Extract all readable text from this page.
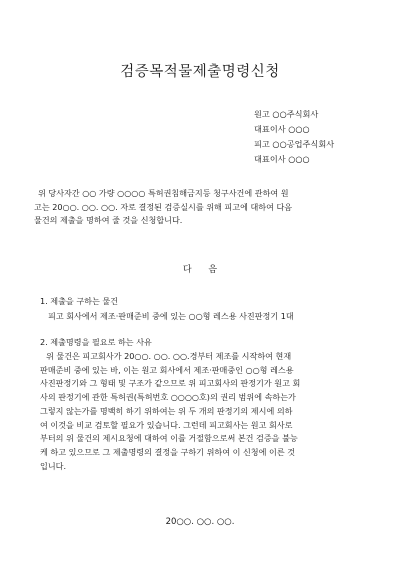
검증목적물제출명령신청
원고 ○○주식회사
대표이사 ○○○
피고 ○○공업주식회사
대표이사 ○○○
위 당사자간 ○○ 가량 ○○○○ 특허권침해금지등 청구사건에 관하여 원
고는 20○○. ○○. ○○. 자로 결정된 검증실시를 위해 피고에 대하여 다음
물건의 제출을 명하여 줄 것을 신청합니다.
다 음
1. 제출을 구하는 물건
피고 회사에서 제조·판매준비 중에 있는 ○○형 레스용 사진판정기 1대
2. 제출명령을 필요로 하는 사유
위 물건은 피고회사가 20○○. ○○. ○○.경부터 제조를 시작하여 현재
판매준비 중에 있는 바, 이는 원고 회사에서 제조·판매중인 ○○형 레스용
사진판정기와 그 형태 및 구조가 같으므로 위 피고회사의 판정기가 원고 회
사의 판정기에 관한 특허권(특허번호 ○○○○호)의 권리 범위에 속하는가
그렇지 않는가를 명백히 하기 위하여는 위 두 개의 판정기의 제시에 의하
여 이것을 비교 검토할 필요가 있습니다. 그런데 피고회사는 원고 회사로
부터의 위 물건의 제시요청에 대하여 이를 거절함으로써 본건 검증을 불능
케 하고 있으므로 그 제출명령의 결정을 구하기 위하여 이 신청에 이른 것
입니다.
20○○. ○○. ○○.
